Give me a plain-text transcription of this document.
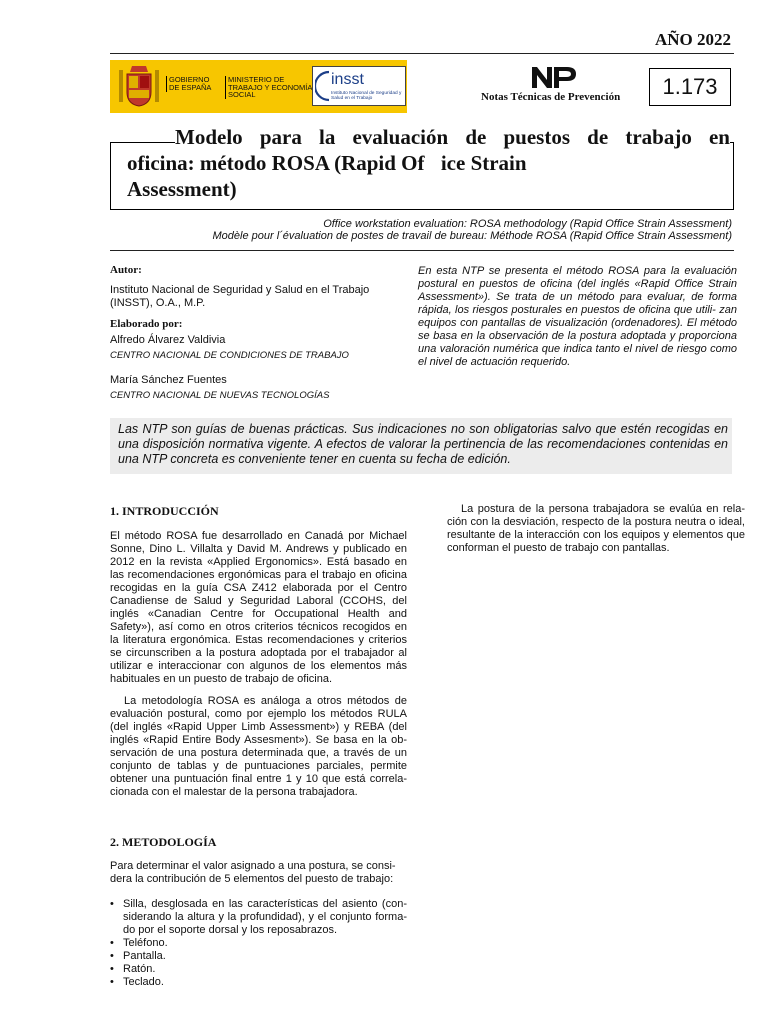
AÑO 2022
GOBIERNO DE ESPAÑA
MINISTERIO DE TRABAJO Y ECONOMÍA SOCIAL
insst
Instituto Nacional de Seguridad y Salud en el Trabajo	Notas Técnicas de Prevención	1.173
Modelo para la evaluación de puestos de trabajo en
oficina: método ROSA (Rapid Of ice Strain
Assessment)
Office workstation evaluation: ROSA methodology (Rapid Office Strain Assessment)
Modèle pour l´évaluation de postes de travail de bureau: Méthode ROSA (Rapid Office Strain Assessment)
Autor:
Instituto Nacional de Seguridad y Salud en el Trabajo (INSST), O.A., M.P.
Elaborado por:
Alfredo Álvarez Valdivia
CENTRO NACIONAL DE CONDICIONES DE TRABAJO
María Sánchez Fuentes
CENTRO NACIONAL DE NUEVAS TECNOLOGÍAS
En esta NTP se presenta el método ROSA para la evaluación postural en puestos de oficina (del inglés «Rapid Office Strain Assessment»). Se trata de un método para evaluar, de forma rápida, los riesgos posturales en puestos de oficina que utili- zan equipos con pantallas de visualización (ordenadores). El método se basa en la observación de la postura adoptada y proporciona una valoración numérica que indica tanto el nivel de riesgo como el nivel de actuación requerido.
Las NTP son guías de buenas prácticas. Sus indicaciones no son obligatorias salvo que estén recogidas en una disposición normativa vigente. A efectos de valorar la pertinencia de las recomendaciones contenidas en una NTP concreta es conveniente tener en cuenta su fecha de edición.
1. INTRODUCCIÓN
El método ROSA fue desarrollado en Canadá por Michael Sonne, Dino L. Villalta y David M. Andrews y publicado en 2012 en la revista «Applied Ergonomics». Está basado en las recomendaciones ergonómicas para el trabajo en oficina recogidas en la guía CSA Z412 elaborada por el Centro Canadiense de Salud y Seguridad Laboral (CCOHS, del inglés «Canadian Centre for Occupational Health and Safety»), así como en otros criterios técnicos recogidos en la literatura ergonómica. Estas recomendaciones y criterios se circunscriben a la postura adoptada por el trabajador al utilizar e interaccionar con algunos de los elementos más habituales en un puesto de trabajo de oficina.
La metodología ROSA es análoga a otros métodos de evaluación postural, como por ejemplo los métodos RULA (del inglés «Rapid Upper Limb Assessment») y REBA (del inglés «Rapid Entire Body Assesment»). Se basa en la ob- servación de una postura determinada que, a través de un conjunto de tablas y de puntuaciones parciales, permite obtener una puntuación final entre 1 y 10 que está correla- cionada con el malestar de la persona trabajadora.
2. METODOLOGÍA
Para determinar el valor asignado a una postura, se consi- dera la contribución de 5 elementos del puesto de trabajo:
• Silla, desglosada en las características del asiento (con- siderando la altura y la profundidad), y el conjunto forma- do por el soporte dorsal y los reposabrazos.
• Teléfono.
• Pantalla.
• Ratón.
• Teclado.
La postura de la persona trabajadora se evalúa en rela- ción con la desviación, respecto de la postura neutra o ideal, resultante de la interacción con los equipos y elementos que conforman el puesto de trabajo con pantallas.
